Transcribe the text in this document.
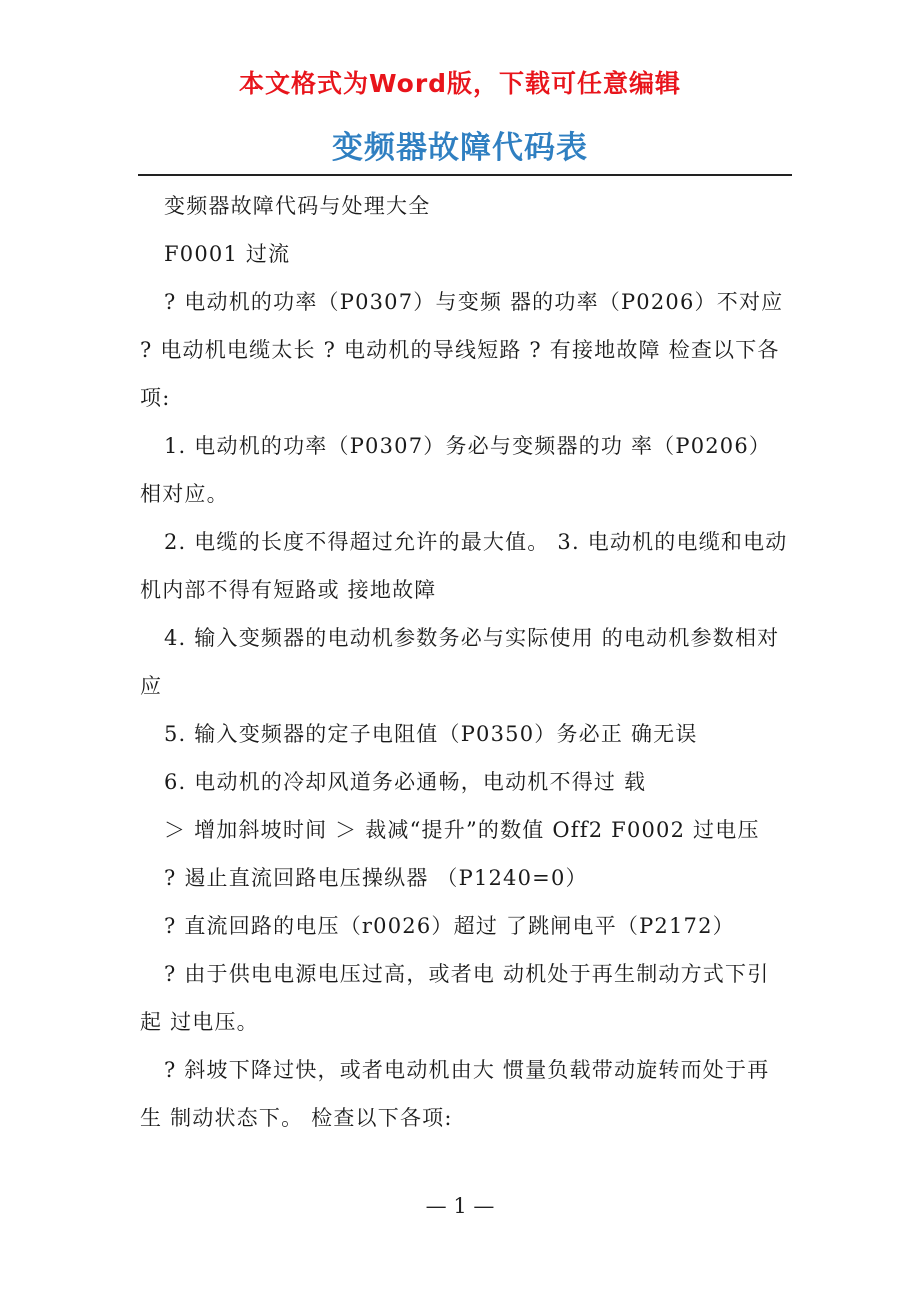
本文格式为Word版，下载可任意编辑
变频器故障代码表

变频器故障代码与处理大全

F0001 过流

? 电动机的功率（P0307）与变频 器的功率（P0206）不对应 ? 电动机电缆太长 ? 电动机的导线短路 ? 有接地故障 检查以下各项:

1. 电动机的功率（P0307）务必与变频器的功 率（P0206）相对应。

2. 电缆的长度不得超过允许的最大值。 3. 电动机的电缆和电动机内部不得有短路或 接地故障

4. 输入变频器的电动机参数务必与实际使用 的电动机参数相对应

5. 输入变频器的定子电阻值（P0350）务必正 确无误

6. 电动机的冷却风道务必通畅，电动机不得过 载

＞ 增加斜坡时间 ＞ 裁减“提升”的数值 Off2 F0002 过电压

? 遏止直流回路电压操纵器 （P1240=0）

? 直流回路的电压（r0026）超过 了跳闸电平（P2172）

? 由于供电电源电压过高，或者电 动机处于再生制动方式下引起 过电压。

? 斜坡下降过快，或者电动机由大 惯量负载带动旋转而处于再生 制动状态下。 检查以下各项:

— 1 —
